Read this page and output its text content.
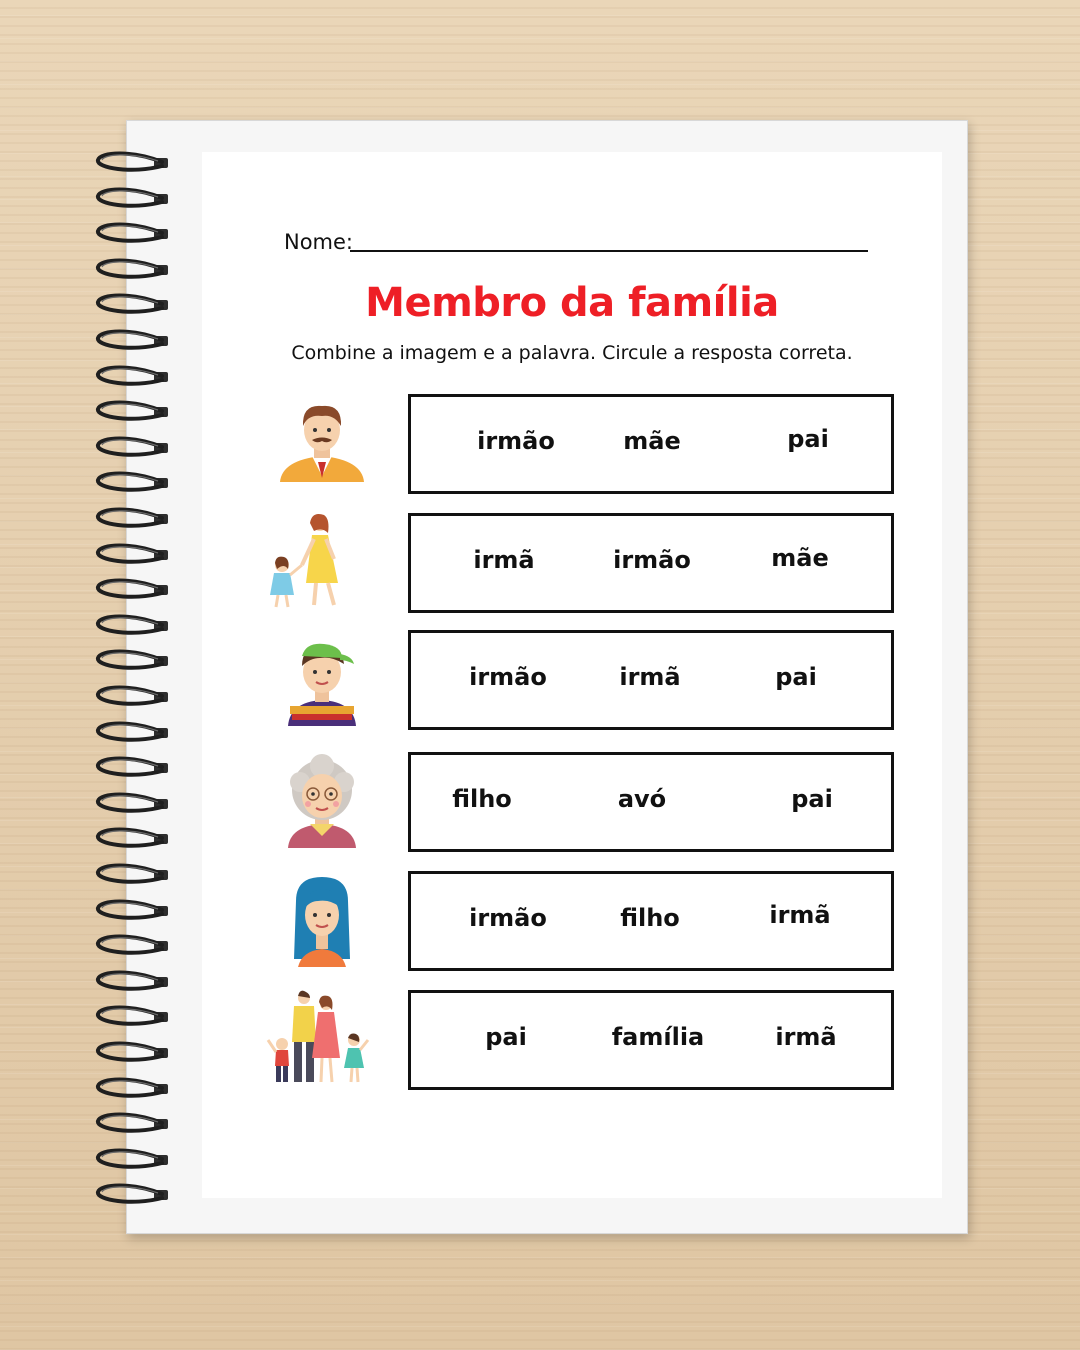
Nome:
Membro da família
Combine a imagem e a palavra. Circule a resposta correta.
irmão	mãe	pai
irmã	irmão	mãe
irmão	irmã	pai
filho	avó	pai
irmão	filho	irmã
pai	família	irmã
